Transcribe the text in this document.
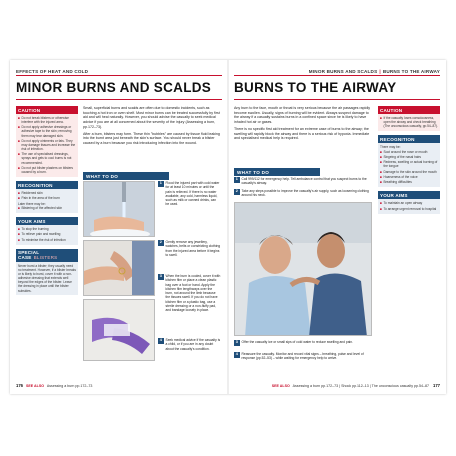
EFFECTS OF HEAT AND COLD
MINOR BURNS AND SCALDS
CAUTION
■ Do not break blisters or otherwise interfere with the injured area.
■ Do not apply adhesive dressings or adhesive tape to the skin; removing them may tear damaged skin.
■ Do not apply ointments or fats. They may damage tissues and increase the risk of infection.
■ The use of specialised dressings, sprays and gels to cool burns is not recommended.
■ Do not put blister plasters on blisters caused by a burn.
RECOGNITION
■ Reddened skin
■ Pain in the area of the burn
Later there may be:
■ Blistering of the affected skin
YOUR AIMS
■ To stop the burning
■ To relieve pain and swelling
■ To minimise the risk of infection
SPECIAL CASE BLISTERS
Never burst a blister; they usually need no treatment. However, if a blister breaks or is likely to burst, cover it with a non-adhesive dressing that extends well beyond the edges of the blister. Leave the dressing in place until the blister subsides.

Small, superficial burns and scalds are often due to domestic incidents, such as touching a hot iron or oven shelf. Most minor burns can be treated successfully by first aid and will heal naturally. However, you should advise the casualty to seek medical advice if you are at all concerned about the severity of the injury (Assessing a burn, pp.172–73).

After a burn, blisters may form. These thin "bubbles" are caused by tissue fluid leaking into the burnt area just beneath the skin's surface. You should never break a blister caused by a burn because you risk introducing infection into the wound.

WHAT TO DO
1 Flood the injured part with cold water for at least 10 minutes or until the pain is relieved. If there is no water available, any cold, harmless liquid, such as milk or canned drinks, can be used.
2 Gently remove any jewellery, watches, belts or constricting clothing from the injured area before it begins to swell.
3 When the burn is cooled, cover it with kitchen film or place a clean plastic bag over a foot or hand. Apply the kitchen film lengthways over the burn, not around the limb because the tissues swell. If you do not have kitchen film or a plastic bag, use a sterile dressing or a non-fluffy pad, and bandage loosely in place.
4 Seek medical advice if the casualty is a child, or if you are in any doubt about the casualty's condition.
176 SEE ALSO Assessing a burn pp.172–73
MINOR BURNS AND SCALDS | BURNS TO THE AIRWAY
BURNS TO THE AIRWAY

Any burn to the face, mouth or throat is very serious because the air passages rapidly become swollen. Usually, signs of burning will be evident. Always suspect damage to the airway if a casualty sustains burns in a confined space since he is likely to have inhaled hot air or gases.

There is no specific first aid treatment for an extreme case of burns to the airway; the swelling will rapidly block the airway and there is a serious risk of hypoxia. Immediate and specialised medical help is required.

WHAT TO DO
1 Call 999/112 for emergency help. Tell ambulance control that you suspect burns to the casualty's airway.
2 Take any steps possible to improve the casualty's air supply, such as loosening clothing around his neck.
3 Offer the casualty ice or small sips of cold water to reduce swelling and pain.
4 Reassure the casualty. Monitor and record vital signs – breathing, pulse and level of response (pp.52–53) – while waiting for emergency help to arrive.
CAUTION
■ If the casualty loses consciousness, open the airway and check breathing (The unconscious casualty, pp.54–87).
RECOGNITION
There may be:
■ Soot around the nose or mouth
■ Singeing of the nasal hairs
■ Redness, swelling or actual burning of the tongue
■ Damage to the skin around the mouth
■ Hoarseness of the voice
■ Breathing difficulties
YOUR AIMS
■ To maintain an open airway
■ To arrange urgent removal to hospital
SEE ALSO Assessing a burn pp.172–73 | Shock pp.112–13 | The unconscious casualty pp.54–87 177
